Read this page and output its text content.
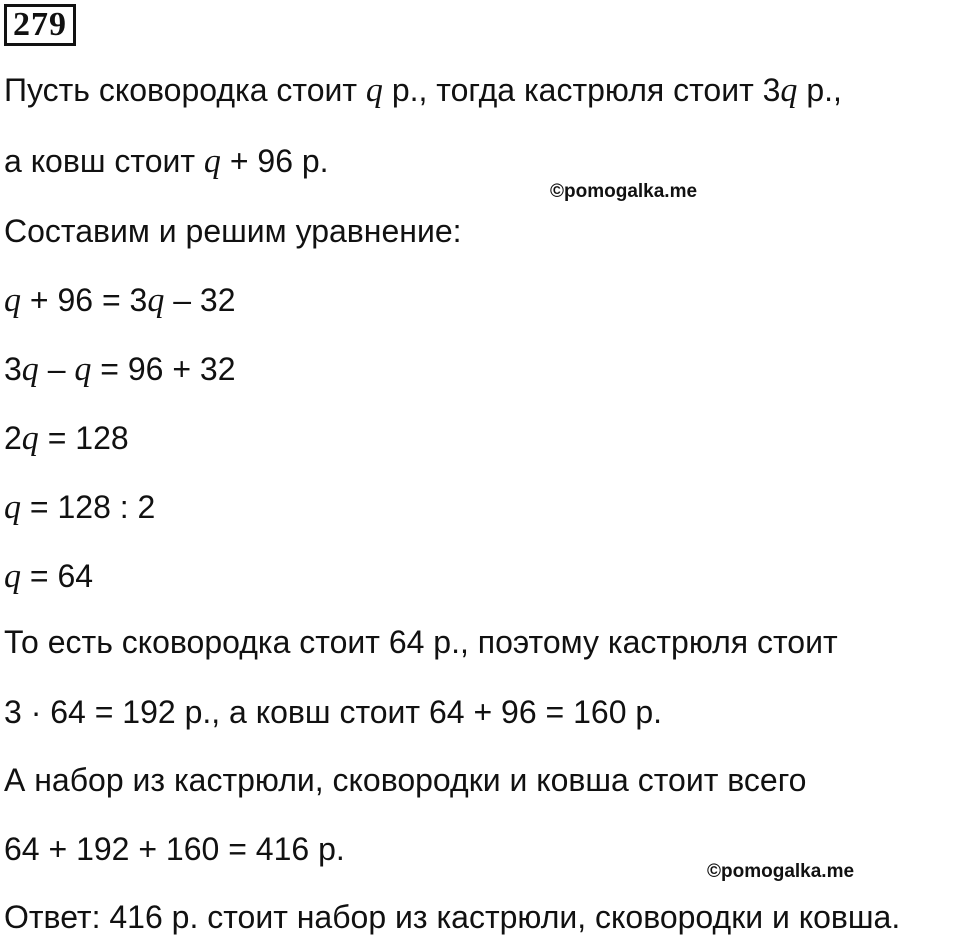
279
Пусть сковородка стоит q р., тогда кастрюля стоит 3q р.,
а ковш стоит q + 96 р.
©pomogalka.me
Составим и решим уравнение:
q + 96 = 3q – 32
3q – q = 96 + 32
2q = 128
q = 128 : 2
q = 64
То есть сковородка стоит 64 р., поэтому кастрюля стоит
3 · 64 = 192 р., а ковш стоит 64 + 96 = 160 р.
А набор из кастрюли, сковородки и ковша стоит всего
64 + 192 + 160 = 416 р.
©pomogalka.me
Ответ: 416 р. стоит набор из кастрюли, сковородки и ковша.
